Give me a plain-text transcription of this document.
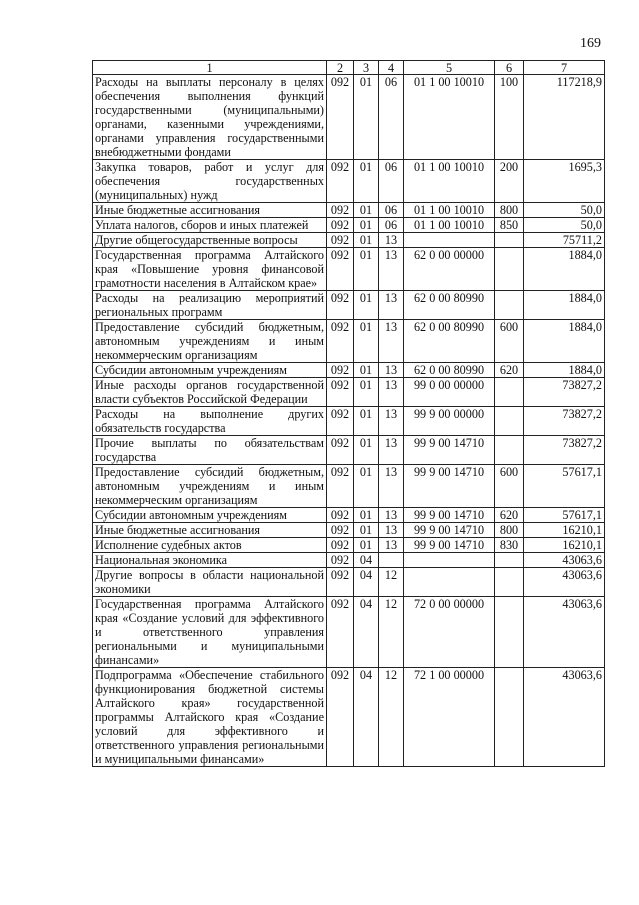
169
1	2	3	4	5	6	7
Расходы на выплаты персоналу в целях обеспечения выполнения функций государственными (муниципальными) органами, казенными учреждениями, органами управления государственными внебюджетными фондами	092	01	06	01 1 00 10010	100	117218,9
Закупка товаров, работ и услуг для обеспечения государственных (муниципальных) нужд	092	01	06	01 1 00 10010	200	1695,3
Иные бюджетные ассигнования	092	01	06	01 1 00 10010	800	50,0
Уплата налогов, сборов и иных платежей	092	01	06	01 1 00 10010	850	50,0
Другие общегосударственные вопросы	092	01	13			75711,2
Государственная программа Алтайского края «Повышение уровня финансовой грамотности населения в Алтайском крае»	092	01	13	62 0 00 00000		1884,0
Расходы на реализацию мероприятий региональных программ	092	01	13	62 0 00 80990		1884,0
Предоставление субсидий бюджетным, автономным учреждениям и иным некоммерческим организациям	092	01	13	62 0 00 80990	600	1884,0
Субсидии автономным учреждениям	092	01	13	62 0 00 80990	620	1884,0
Иные расходы органов государственной власти субъектов Российской Федерации	092	01	13	99 0 00 00000		73827,2
Расходы на выполнение других обязательств государства	092	01	13	99 9 00 00000		73827,2
Прочие выплаты по обязательствам государства	092	01	13	99 9 00 14710		73827,2
Предоставление субсидий бюджетным, автономным учреждениям и иным некоммерческим организациям	092	01	13	99 9 00 14710	600	57617,1
Субсидии автономным учреждениям	092	01	13	99 9 00 14710	620	57617,1
Иные бюджетные ассигнования	092	01	13	99 9 00 14710	800	16210,1
Исполнение судебных актов	092	01	13	99 9 00 14710	830	16210,1
Национальная экономика	092	04				43063,6
Другие вопросы в области национальной экономики	092	04	12			43063,6
Государственная программа Алтайского края «Создание условий для эффективного и ответственного управления региональными и муниципальными финансами»	092	04	12	72 0 00 00000		43063,6
Подпрограмма «Обеспечение стабильного функционирования бюджетной системы Алтайского края» государственной программы Алтайского края «Создание условий для эффективного и ответственного управления региональными и муниципальными финансами»	092	04	12	72 1 00 00000		43063,6
